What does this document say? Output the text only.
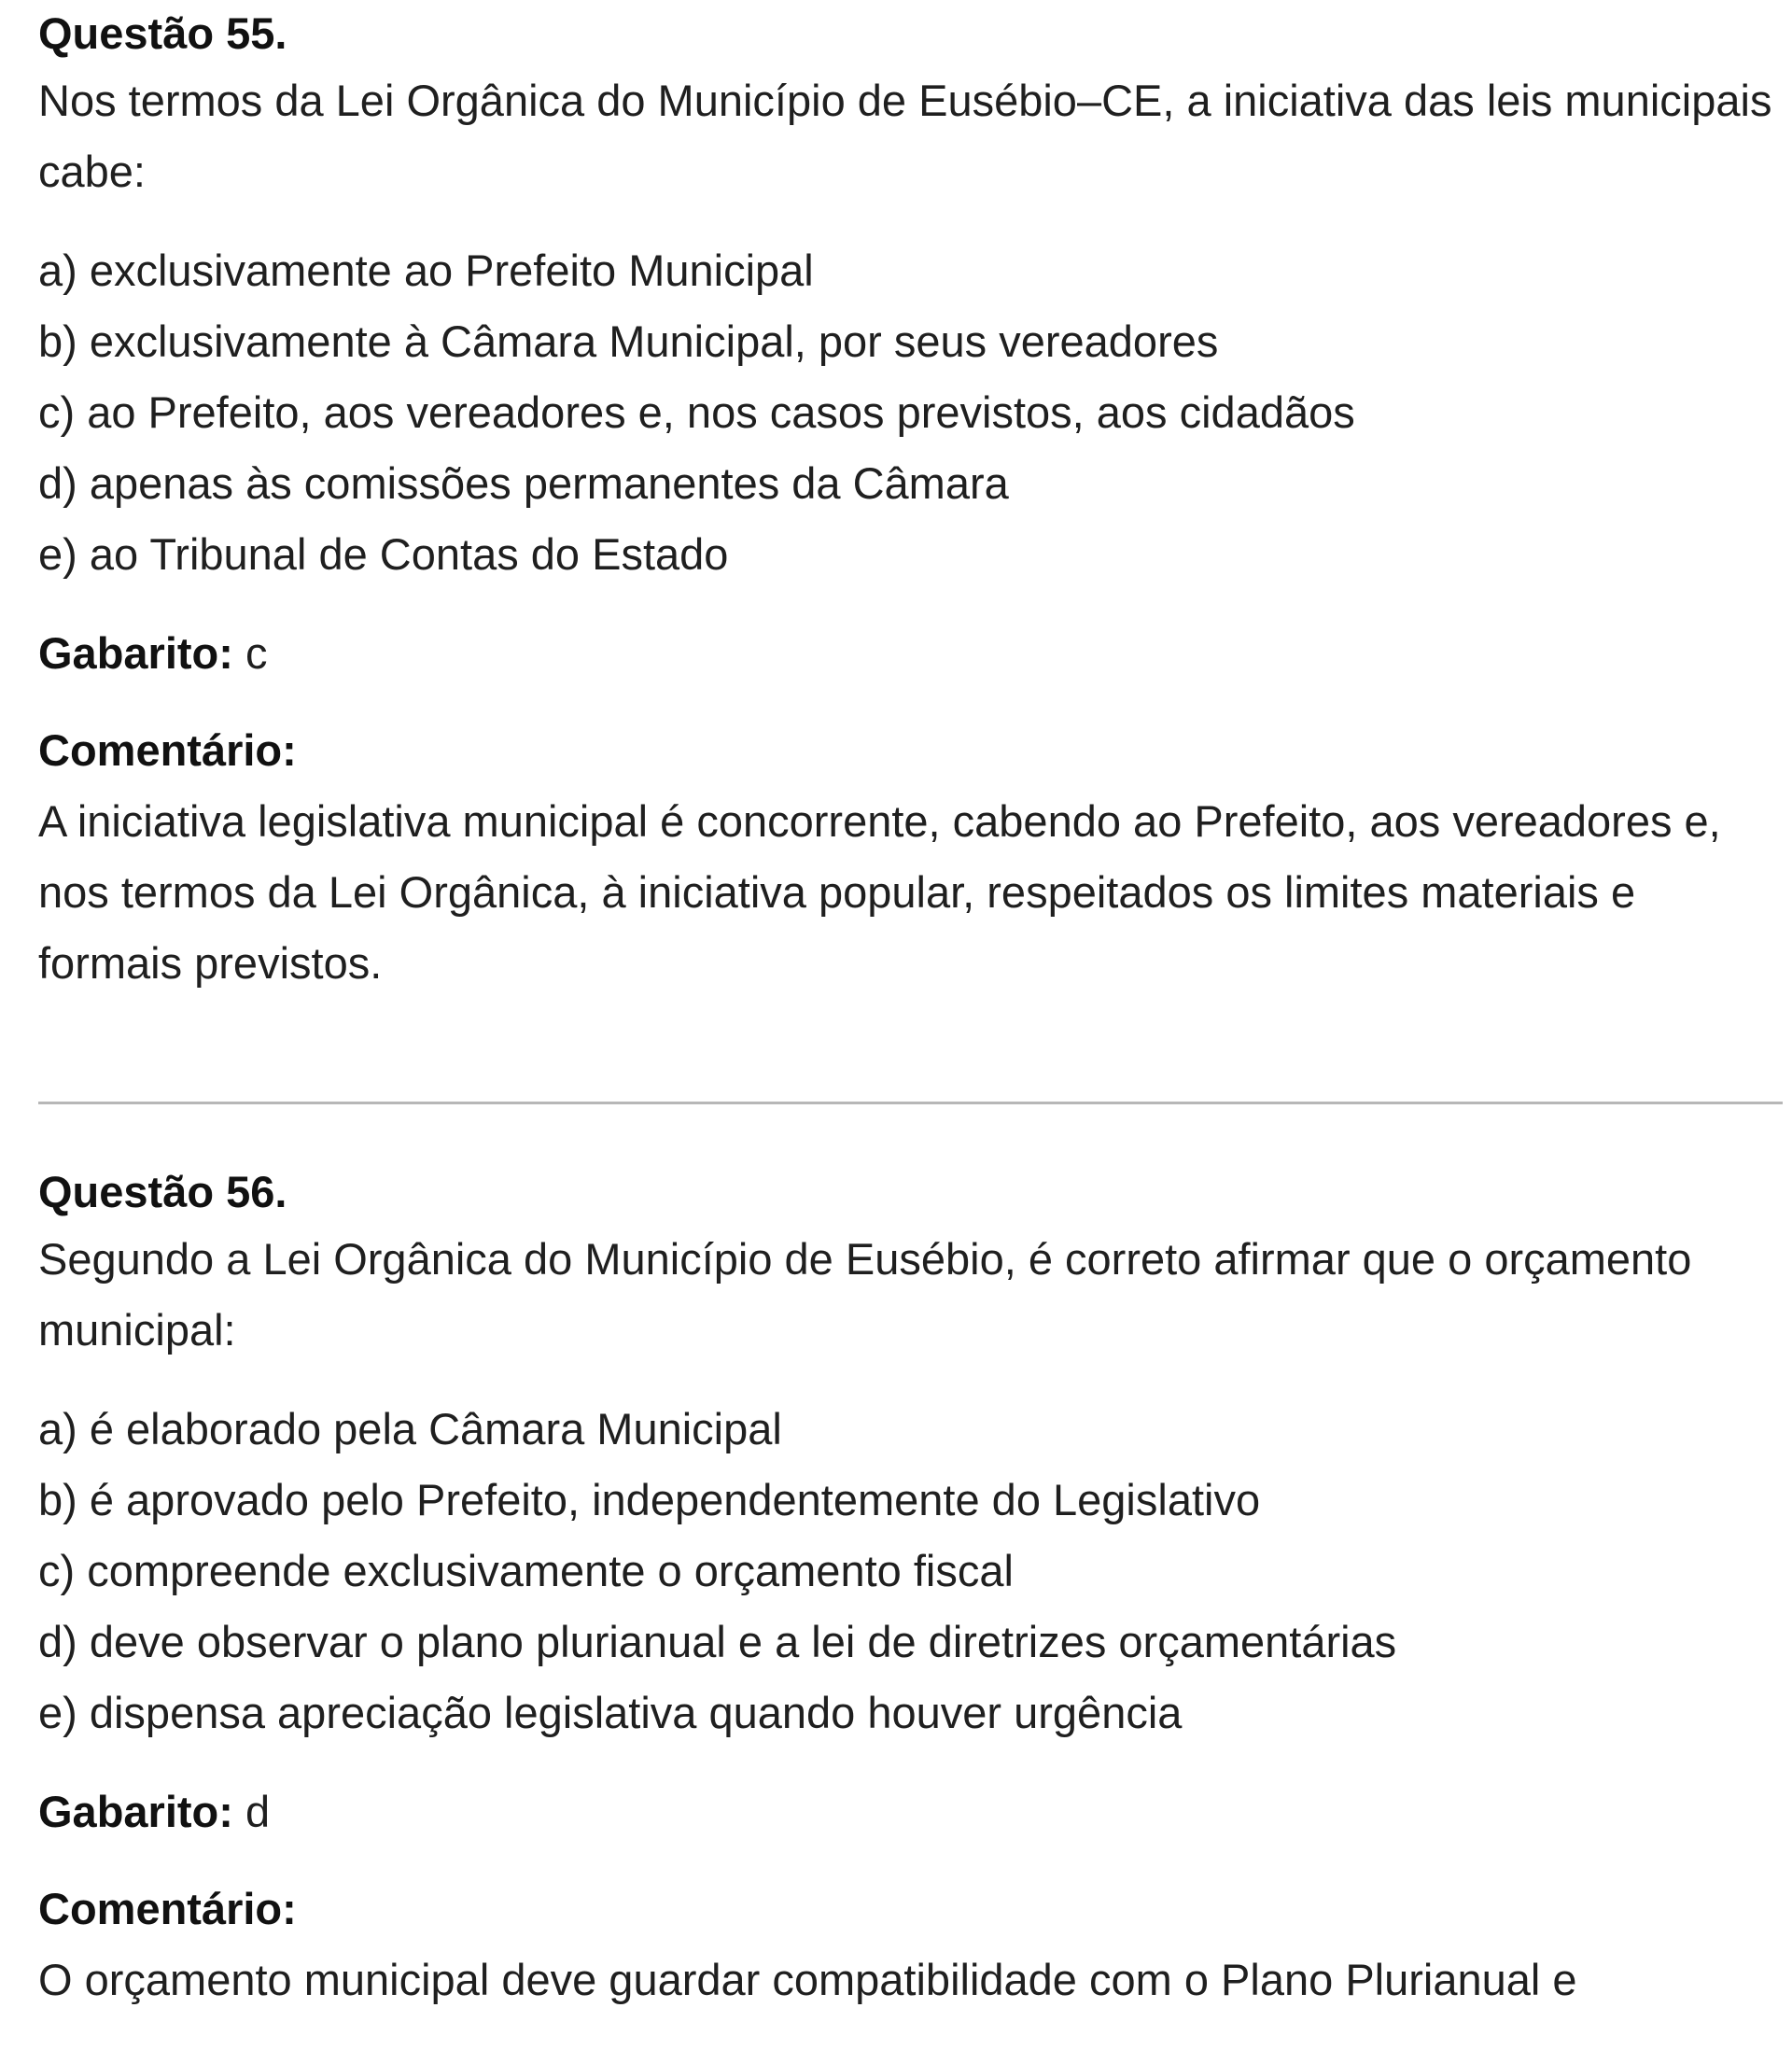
Questão 55.
Nos termos da Lei Orgânica do Município de Eusébio–CE, a iniciativa das leis municipais cabe:
a) exclusivamente ao Prefeito Municipal
b) exclusivamente à Câmara Municipal, por seus vereadores
c) ao Prefeito, aos vereadores e, nos casos previstos, aos cidadãos
d) apenas às comissões permanentes da Câmara
e) ao Tribunal de Contas do Estado
Gabarito: c
Comentário:
A iniciativa legislativa municipal é concorrente, cabendo ao Prefeito, aos vereadores e, nos termos da Lei Orgânica, à iniciativa popular, respeitados os limites materiais e formais previstos.
Questão 56.
Segundo a Lei Orgânica do Município de Eusébio, é correto afirmar que o orçamento municipal:
a) é elaborado pela Câmara Municipal
b) é aprovado pelo Prefeito, independentemente do Legislativo
c) compreende exclusivamente o orçamento fiscal
d) deve observar o plano plurianual e a lei de diretrizes orçamentárias
e) dispensa apreciação legislativa quando houver urgência
Gabarito: d
Comentário:
O orçamento municipal deve guardar compatibilidade com o Plano Plurianual e
